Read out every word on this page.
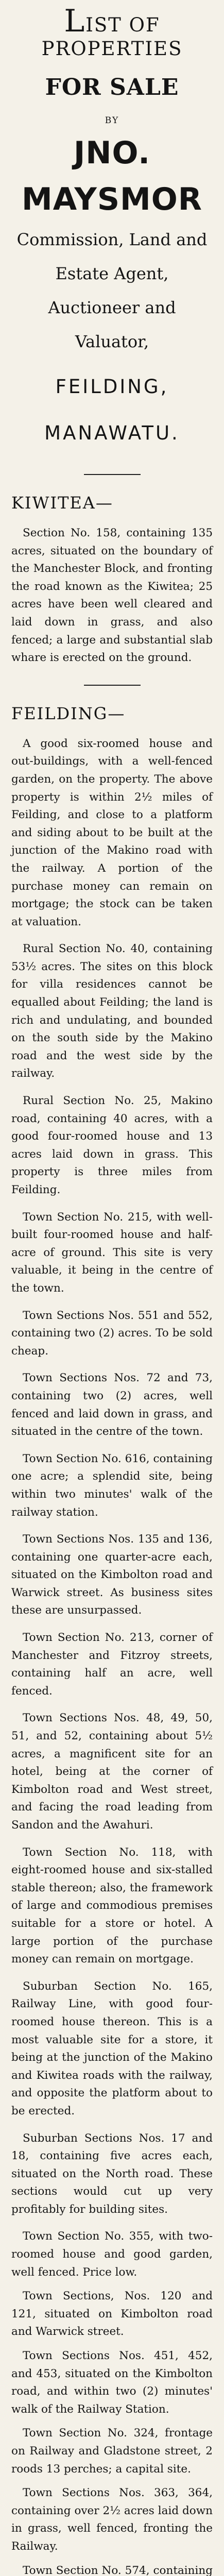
LIST OF PROPERTIES

FOR SALE
BY
JNO. MAYSMOR
Commission, Land and
Estate Agent,
Auctioneer and Valuator,
FEILDING, MANAWATU.

KIWITEA—

Section No. 158, containing 135 acres, situated on the boundary of the Manchester Block, and fronting the road known as the Kiwitea; 25 acres have been well cleared and laid down in grass, and also fenced; a large and substantial slab whare is erected on the ground.

FEILDING—

A good six-roomed house and out-buildings, with a well-fenced garden, on the property. The above property is within 2½ miles of Feilding, and close to a platform and siding about to be built at the junction of the Makino road with the railway. A portion of the purchase money can remain on mortgage; the stock can be taken at valuation.

Rural Section No. 40, containing 53½ acres. The sites on this block for villa residences cannot be equalled about Feilding; the land is rich and undulating, and bounded on the south side by the Makino road and the west side by the railway.

Rural Section No. 25, Makino road, containing 40 acres, with a good four-roomed house and 13 acres laid down in grass. This property is three miles from Feilding.

Town Section No. 215, with well-built four-roomed house and half-acre of ground. This site is very valuable, it being in the centre of the town.

Town Sections Nos. 551 and 552, containing two (2) acres. To be sold cheap.

Town Sections Nos. 72 and 73, containing two (2) acres, well fenced and laid down in grass, and situated in the centre of the town.

Town Section No. 616, containing one acre; a splendid site, being within two minutes' walk of the railway station.

Town Sections Nos. 135 and 136, containing one quarter-acre each, situated on the Kimbolton road and Warwick street. As business sites these are unsurpassed.

Town Section No. 213, corner of Manchester and Fitzroy streets, containing half an acre, well fenced.

Town Sections Nos. 48, 49, 50, 51, and 52, containing about 5½ acres, a magnificent site for an hotel, being at the corner of Kimbolton road and West street, and facing the road leading from Sandon and the Awahuri.

Town Section No. 118, with eight-roomed house and six-stalled stable thereon; also, the framework of large and commodious premises suitable for a store or hotel. A large portion of the purchase money can remain on mortgage.

Suburban Section No. 165, Railway Line, with good four-roomed house thereon. This is a most valuable site for a store, it being at the junction of the Makino and Kiwitea roads with the railway, and opposite the platform about to be erected.

Suburban Sections Nos. 17 and 18, containing five acres each, situated on the North road. These sections would cut up very profitably for building sites.

Town Section No. 355, with two-roomed house and good garden, well fenced. Price low.

Town Sections, Nos. 120 and 121, situated on Kimbolton road and Warwick street.

Town Sections Nos. 451, 452, and 453, situated on the Kimbolton road, and within two (2) minutes' walk of the Railway Station.

Town Section No. 324, frontage on Railway and Gladstone street, 2 roods 13 perches; a capital site.

Town Sections Nos. 363, 364, containing over 2½ acres laid down in grass, well fenced, fronting the Railway.

Town Section No. 574, containing
